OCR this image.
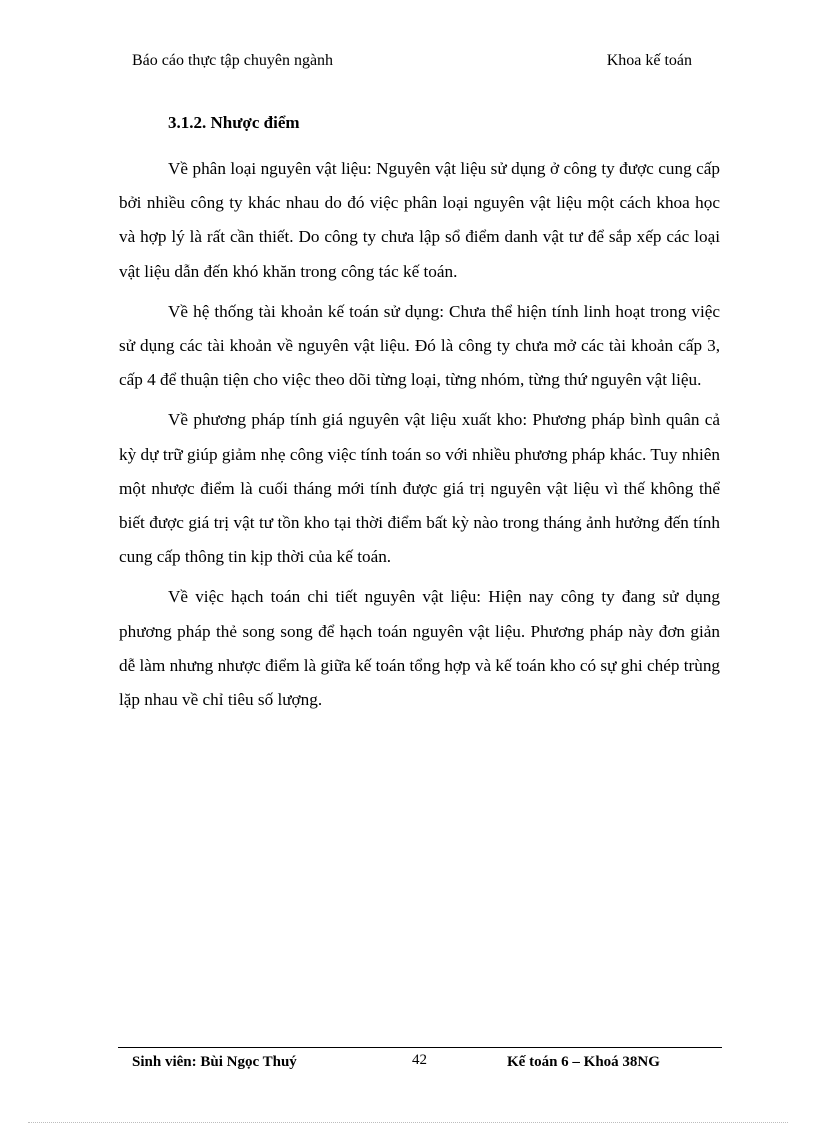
Báo cáo thực tập chuyên ngành	Khoa kế toán
3.1.2. Nhược điểm

Về phân loại nguyên vật liệu: Nguyên vật liệu sử dụng ở công ty được cung cấp bởi nhiều công ty khác nhau do đó việc phân loại nguyên vật liệu một cách khoa học và hợp lý là rất cần thiết. Do công ty chưa lập sổ điểm danh vật tư để sắp xếp các loại vật liệu dẫn đến khó khăn trong công tác kế toán.

Về hệ thống tài khoản kế toán sử dụng: Chưa thể hiện tính linh hoạt trong việc sử dụng các tài khoản về nguyên vật liệu. Đó là công ty chưa mở các tài khoản cấp 3, cấp 4 để thuận tiện cho việc theo dõi từng loại, từng nhóm, từng thứ nguyên vật liệu.

Về phương pháp tính giá nguyên vật liệu xuất kho: Phương pháp bình quân cả kỳ dự trữ giúp giảm nhẹ công việc tính toán so với nhiều phương pháp khác. Tuy nhiên một nhược điểm là cuối tháng mới tính được giá trị nguyên vật liệu vì thế không thể biết được giá trị vật tư tồn kho tại thời điểm bất kỳ nào trong tháng ảnh hưởng đến tính cung cấp thông tin kịp thời của kế toán.

Về việc hạch toán chi tiết nguyên vật liệu: Hiện nay công ty đang sử dụng phương pháp thẻ song song để hạch toán nguyên vật liệu. Phương pháp này đơn giản dễ làm nhưng nhược điểm là giữa kế toán tổng hợp và kế toán kho có sự ghi chép trùng lặp nhau về chỉ tiêu số lượng.

Sinh viên: Bùi Ngọc Thuý	42	Kế toán 6 – Khoá 38NG
